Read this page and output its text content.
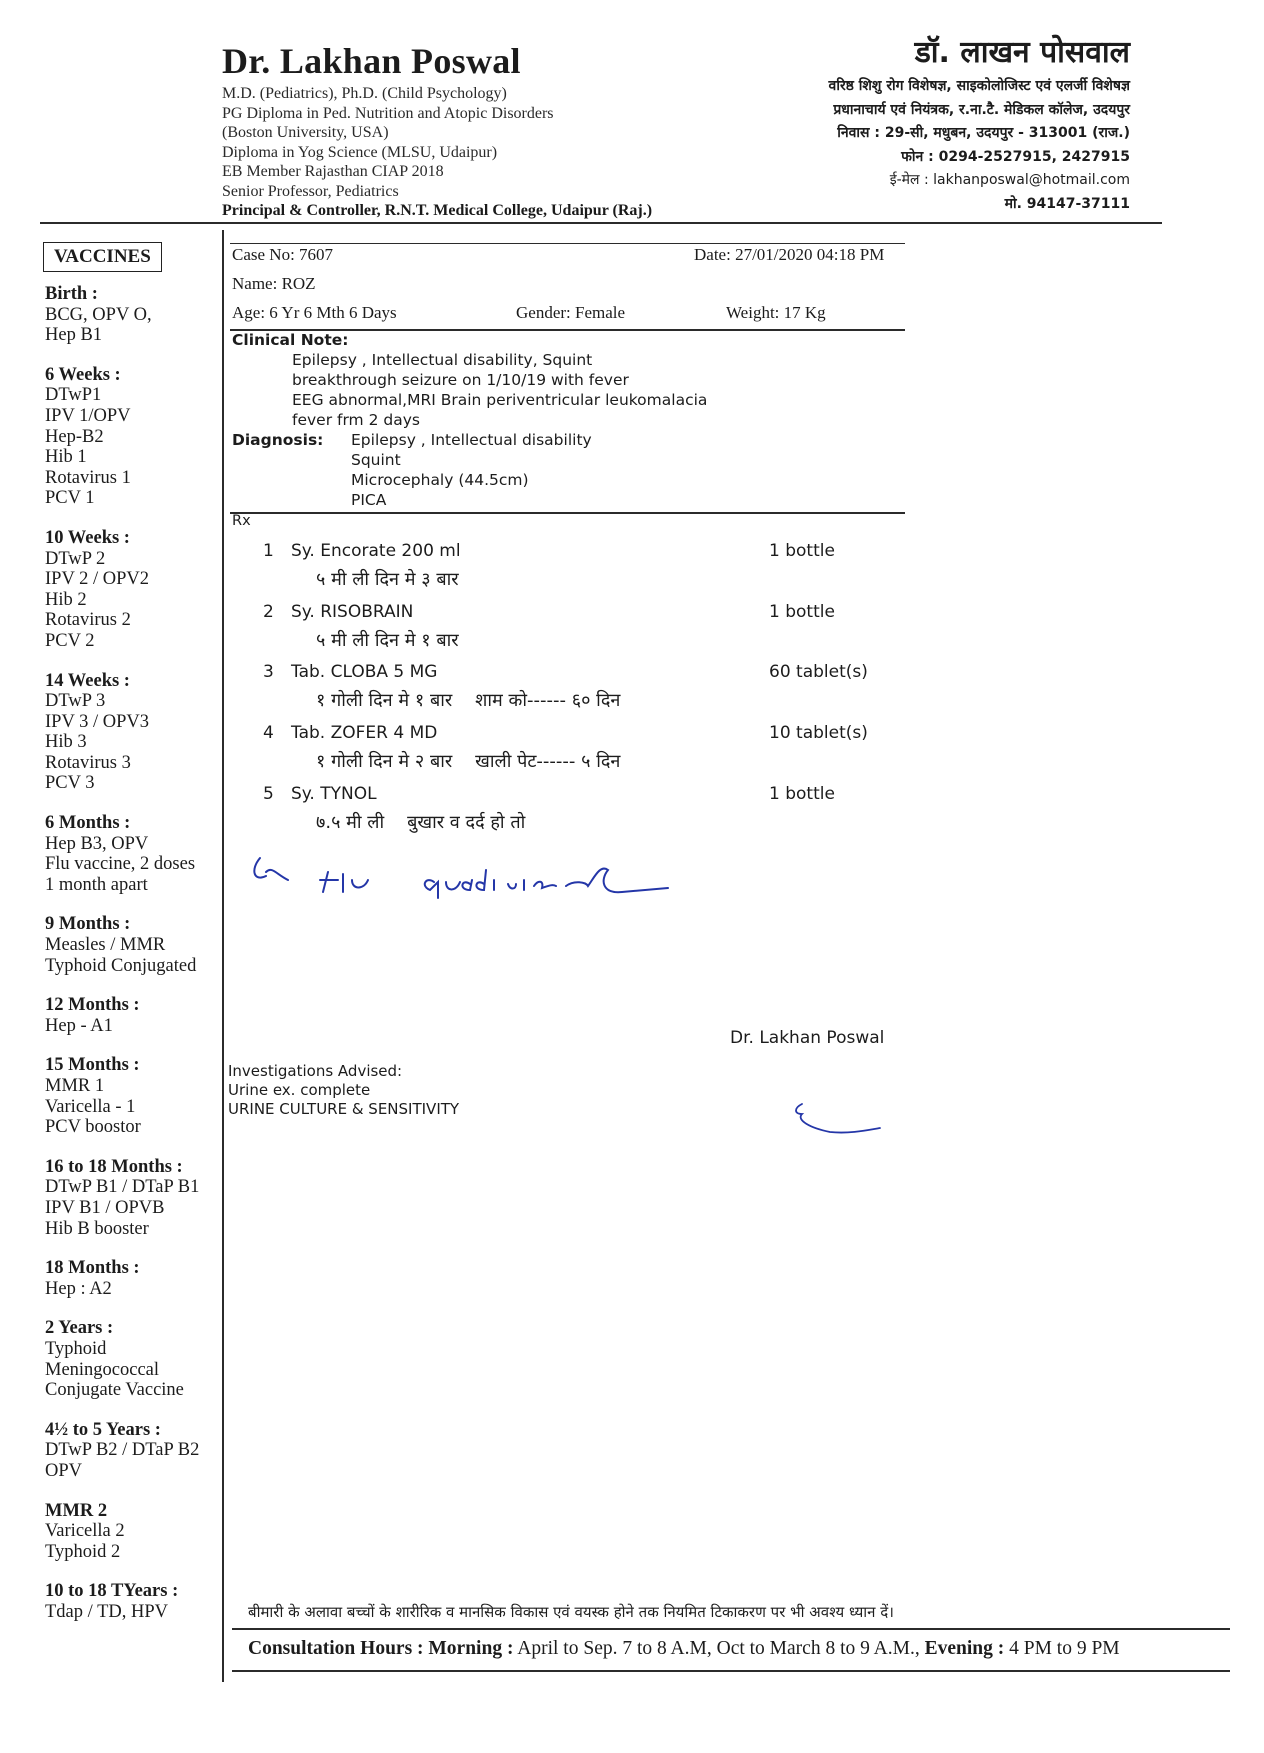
Dr. Lakhan Poswal
M.D. (Pediatrics), Ph.D. (Child Psychology)
PG Diploma in Ped. Nutrition and Atopic Disorders
(Boston University, USA)
Diploma in Yog Science (MLSU, Udaipur)
EB Member Rajasthan CIAP 2018
Senior Professor, Pediatrics
Principal & Controller, R.N.T. Medical College, Udaipur (Raj.)
डॉ. लाखन पोसवाल
वरिष्ठ शिशु रोग विशेषज्ञ, साइकोलोजिस्ट एवं एलर्जी विशेषज्ञ
प्रधानाचार्य एवं नियंत्रक, र.ना.टै. मेडिकल कॉलेज, उदयपुर
निवास : 29-सी, मधुबन, उदयपुर - 313001 (राज.)
फोन : 0294-2527915, 2427915
ई-मेल : lakhanposwal@hotmail.com
मो. 94147-37111
VACCINES
Birth :
BCG, OPV O,
Hep B1
6 Weeks :
DTwP1
IPV 1/OPV
Hep-B2
Hib 1
Rotavirus 1
PCV 1
10 Weeks :
DTwP 2
IPV 2 / OPV2
Hib 2
Rotavirus 2
PCV 2
14 Weeks :
DTwP 3
IPV 3 / OPV3
Hib 3
Rotavirus 3
PCV 3
6 Months :
Hep B3, OPV
Flu vaccine, 2 doses
1 month apart
9 Months :
Measles / MMR
Typhoid Conjugated
12 Months :
Hep - A1
15 Months :
MMR 1
Varicella - 1
PCV boostor
16 to 18 Months :
DTwP B1 / DTaP B1
IPV B1 / OPVB
Hib B booster
18 Months :
Hep : A2
2 Years :
Typhoid
Meningococcal
Conjugate Vaccine
4½ to 5 Years :
DTwP B2 / DTaP B2
OPV
MMR 2
Varicella 2
Typhoid 2
10 to 18 TYears :
Tdap / TD, HPV
Case No: 7607	Date: 27/01/2020 04:18 PM
Name: ROZ
Age: 6 Yr 6 Mth 6 Days	Gender: Female	Weight: 17 Kg
Clinical Note:
Epilepsy , Intellectual disability, Squint
breakthrough seizure on 1/10/19 with fever
EEG abnormal,MRI Brain periventricular leukomalacia
fever frm 2 days
Diagnosis:	Epilepsy , Intellectual disability
Squint
Microcephaly (44.5cm)
PICA
Rx
1 Sy. Encorate 200 ml	1 bottle
५ मी ली दिन मे ३ बार
2 Sy. RISOBRAIN	1 bottle
५ मी ली दिन मे १ बार
3 Tab. CLOBA 5 MG	60 tablet(s)
१ गोली दिन मे १ बार    शाम को------ ६० दिन
4 Tab. ZOFER 4 MD	10 tablet(s)
१ गोली दिन मे २ बार    खाली पेट------ ५ दिन
5 Sy. TYNOL	1 bottle
७.५ मी ली    बुखार व दर्द हो तो
Dr. Lakhan Poswal
Investigations Advised:
Urine ex. complete
URINE CULTURE & SENSITIVITY
बीमारी के अलावा बच्चों के शारीरिक व मानसिक विकास एवं वयस्क होने तक नियमित टिकाकरण पर भी अवश्य ध्यान दें।
Consultation Hours : Morning : April to Sep. 7 to 8 A.M, Oct to March 8 to 9 A.M., Evening : 4 PM to 9 PM
